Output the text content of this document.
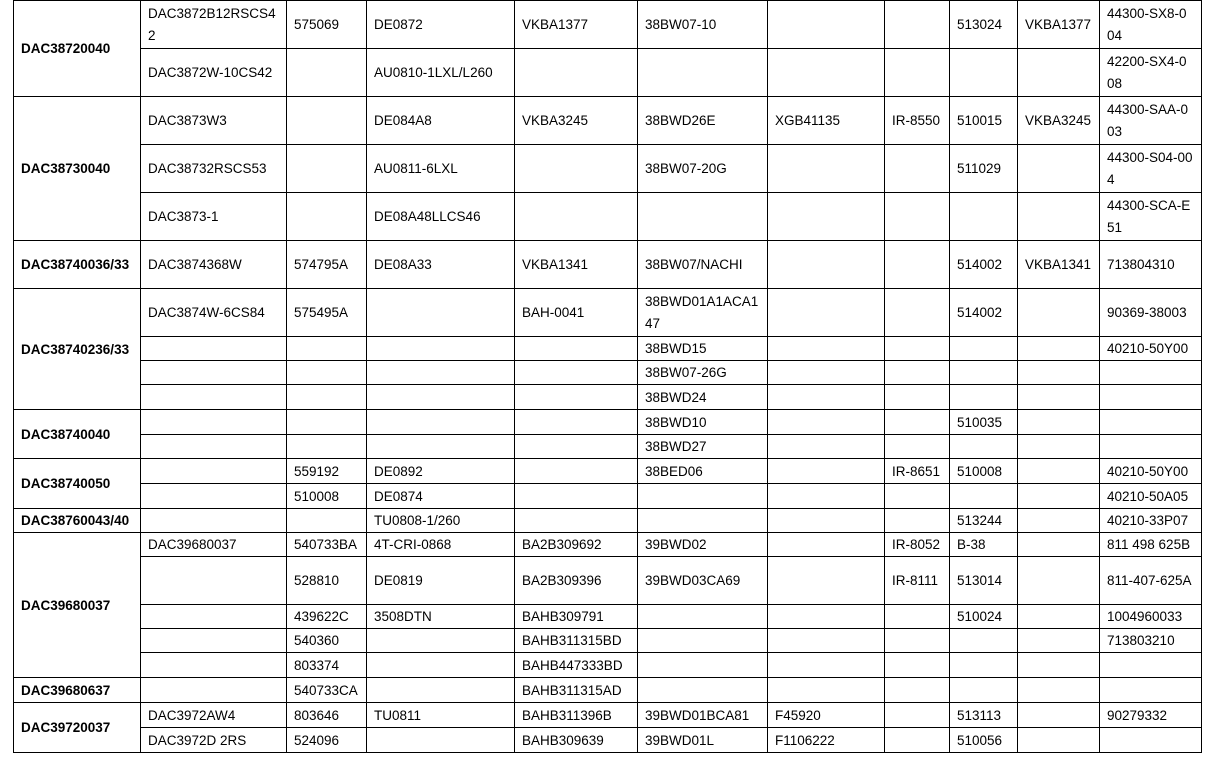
DAC38720040	DAC3872B12RSCS42	575069	DE0872	VKBA1377	38BW07-10			513024	VKBA1377	44300-SX8-004
	DAC3872W-10CS42		AU0810-1LXL/L260							42200-SX4-008
DAC38730040	DAC3873W3		DE084A8	VKBA3245	38BWD26E	XGB41135	IR-8550	510015	VKBA3245	44300-SAA-003
	DAC38732RSCS53		AU0811-6LXL		38BW07-20G			511029		44300-S04-004
	DAC3873-1		DE08A48LLCS46							44300-SCA-E51
DAC38740036/33	DAC3874368W	574795A	DE08A33	VKBA1341	38BW07/NACHI			514002	VKBA1341	713804310
DAC38740236/33	DAC3874W-6CS84	575495A		BAH-0041	38BWD01A1ACA147			514002		90369-38003
					38BWD15					40210-50Y00
					38BW07-26G					
					38BWD24					
DAC38740040					38BWD10			510035		
					38BWD27					
DAC38740050		559192	DE0892		38BED06		IR-8651	510008		40210-50Y00
		510008	DE0874							40210-50A05
DAC38760043/40			TU0808-1/260					513244		40210-33P07
DAC39680037	DAC39680037	540733BA	4T-CRI-0868	BA2B309692	39BWD02		IR-8052	B-38		811 498 625B
		528810	DE0819	BA2B309396	39BWD03CA69		IR-8111	513014		811-407-625A
		439622C	3508DTN	BAHB309791				510024		1004960033
		540360		BAHB311315BD						713803210
		803374		BAHB447333BD						
DAC39680637		540733CA		BAHB311315AD						
DAC39720037	DAC3972AW4	803646	TU0811	BAHB311396B	39BWD01BCA81	F45920		513113		90279332
	DAC3972D 2RS	524096		BAHB309639	39BWD01L	F1106222		510056		
